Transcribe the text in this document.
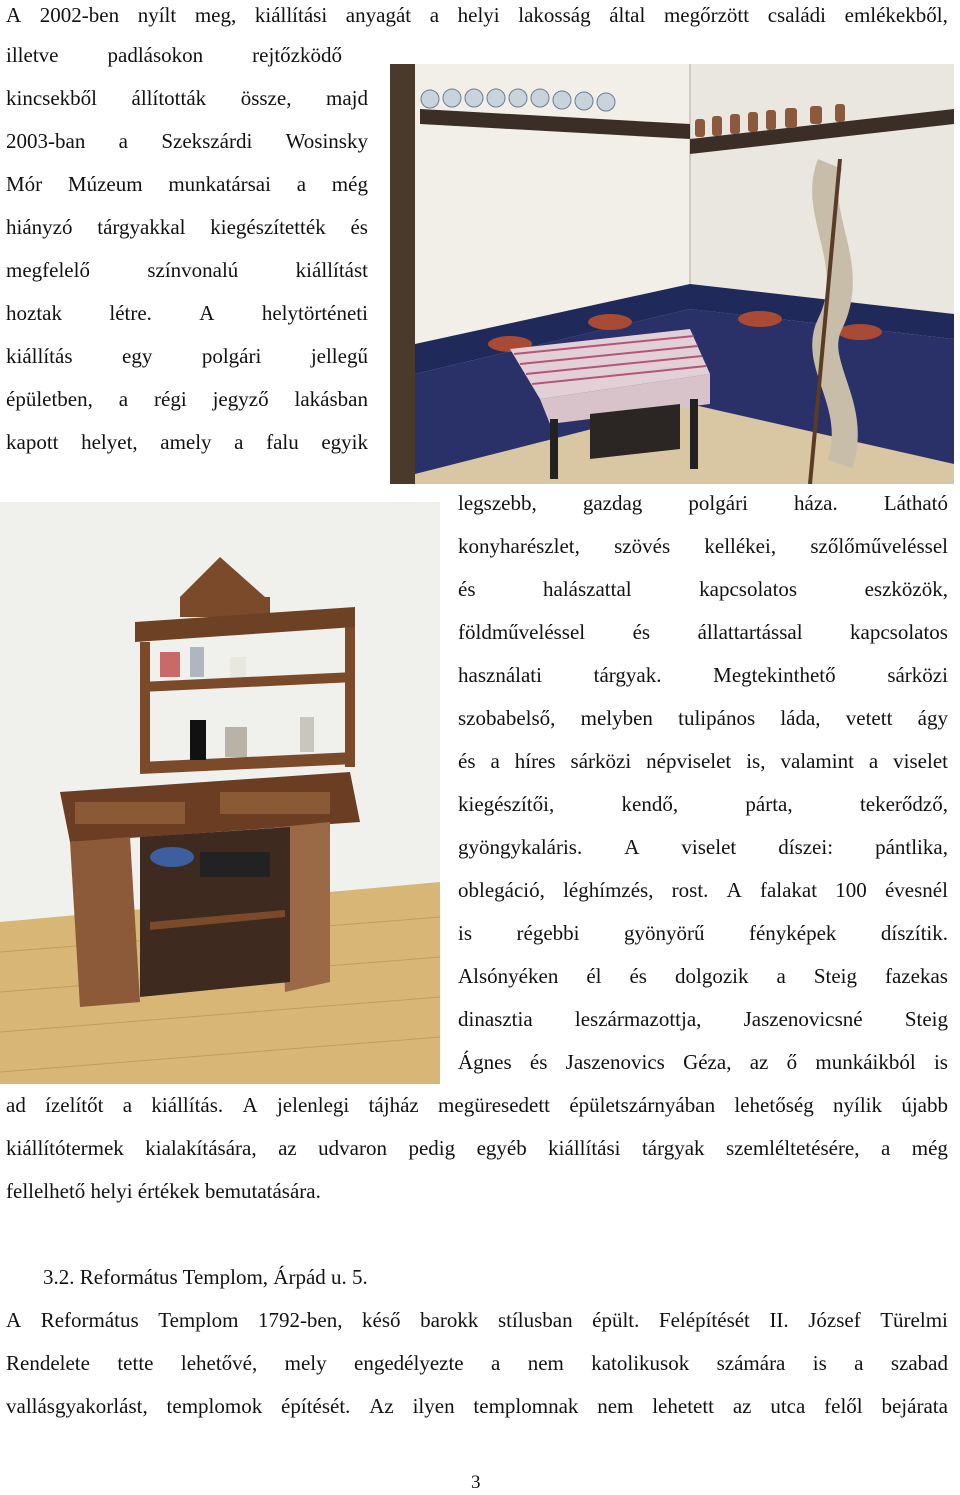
A 2002-ben nyílt meg, kiállítási anyagát a helyi lakosság által megőrzött családi emlékekből,
illetve padlásokon rejtőzködő
kincsekből állították össze, majd
2003-ban a Szekszárdi Wosinsky
Mór Múzeum munkatársai a még
hiányzó tárgyakkal kiegészítették és
megfelelő	színvonalú	kiállítást
hoztak létre. A helytörténeti
kiállítás egy polgári jellegű
épületben, a régi jegyző lakásban
kapott helyet, amely a falu egyik
legszebb, gazdag polgári háza. Látható
konyharészlet, szövés kellékei, szőlőműveléssel
és	halászattal	kapcsolatos	eszközök,
földműveléssel és állattartással kapcsolatos
használati tárgyak. Megtekinthető sárközi
szobabelső, melyben tulipános láda, vetett ágy
és a híres sárközi népviselet is, valamint a viselet
kiegészítői,	kendő,	párta,	tekerődző,
gyöngykaláris. A viselet díszei: pántlika,
oblegáció, léghímzés, rost. A falakat 100 évesnél
is régebbi gyönyörű fényképek díszítik.
Alsónyéken él és dolgozik a Steig fazekas
dinasztia leszármazottja, Jaszenovicsné Steig
Ágnes és Jaszenovics Géza, az ő munkáikból is
ad ízelítőt a kiállítás. A jelenlegi tájház megüresedett épületszárnyában lehetőség nyílik újabb
kiállítótermek kialakítására, az udvaron pedig egyéb kiállítási tárgyak szemléltetésére, a még
fellelhető helyi értékek bemutatására.
3.2. Református Templom, Árpád u. 5.
A Református Templom 1792-ben, késő barokk stílusban épült. Felépítését II. József Türelmi
Rendelete tette lehetővé, mely engedélyezte a nem katolikusok számára is a szabad
vallásgyakorlást, templomok építését. Az ilyen templomnak nem lehetett az utca felől bejárata
3
